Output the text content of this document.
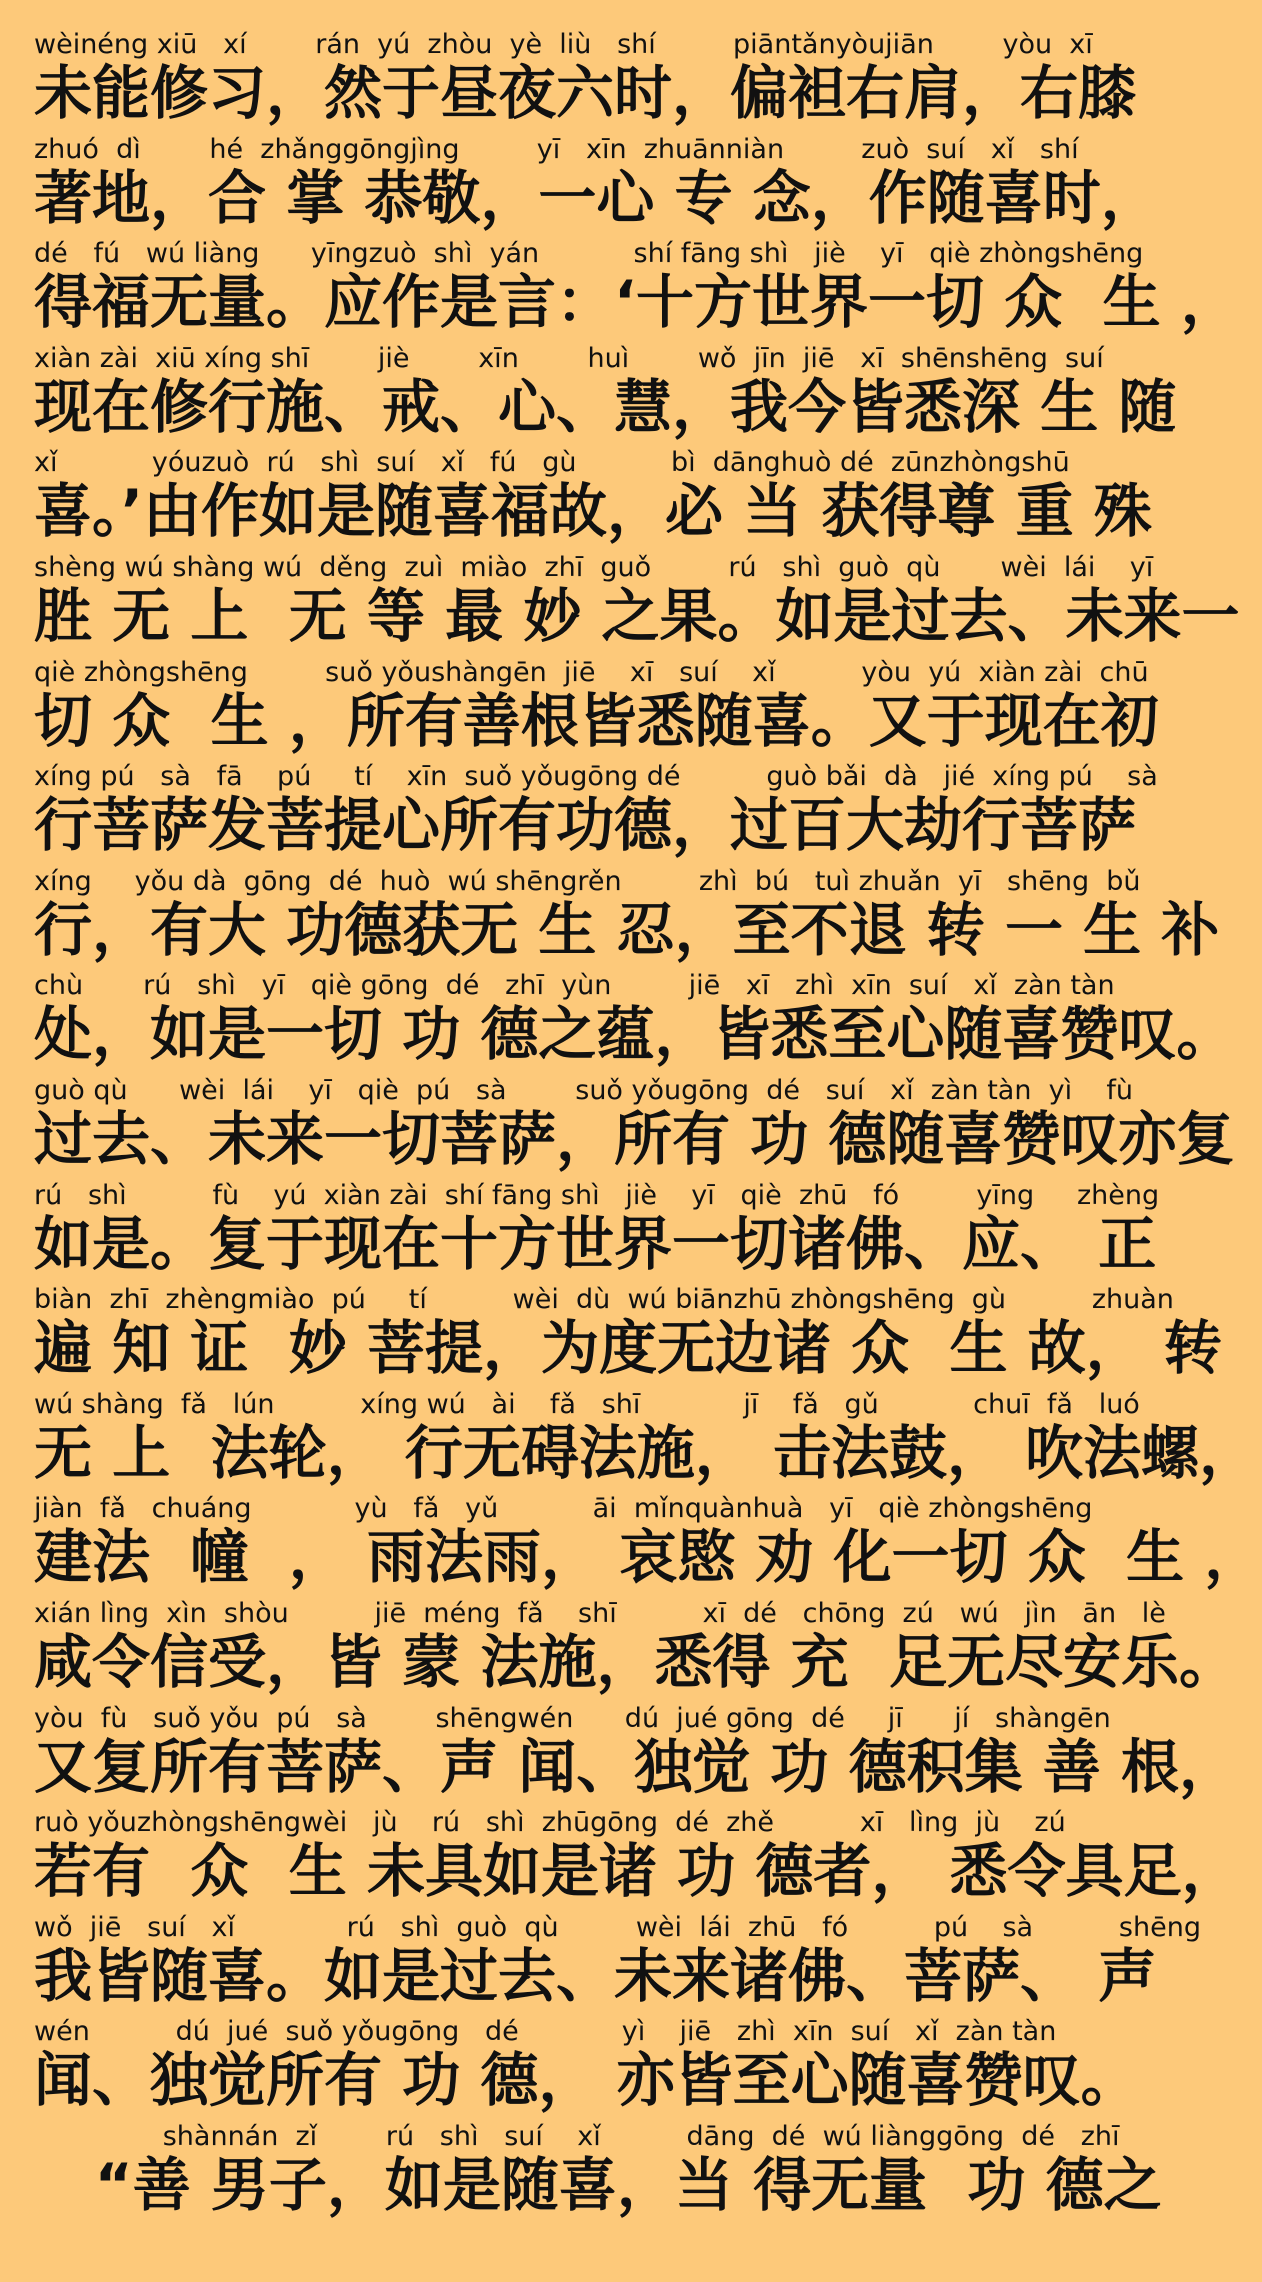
wèinéng xiū   xí        rán  yú  zhòu  yè  liù   shí         piāntǎnyòujiān        yòu  xī
未能修习，然于昼夜六时，偏袒右肩，右膝
zhuó  dì        hé  zhǎnggōngjìng         yī   xīn  zhuānniàn         zuò  suí   xǐ   shí
著地，合 掌 恭敬，一心 专 念，作随喜时，
dé   fú   wú liàng      yīngzuò  shì  yán           shí fāng shì   jiè    yī   qiè zhòngshēng
得福无量。应作是言：‘十方世界一切 众  生 ，
xiàn zài  xiū xíng shī        jiè        xīn        huì        wǒ  jīn  jiē   xī  shēnshēng  suí
现在修行施、戒、心、慧，我今皆悉深 生 随
xǐ           yóuzuò  rú   shì  suí   xǐ   fú   gù           bì  dānghuò dé  zūnzhòngshū
喜。’由作如是随喜福故，必 当 获得尊 重 殊
shèng wú shàng wú  děng  zuì  miào  zhī  guǒ         rú   shì  guò  qù       wèi  lái    yī
胜 无 上  无 等 最 妙 之果。如是过去、未来一
qiè zhòngshēng         suǒ yǒushàngēn  jiē    xī   suí    xǐ          yòu  yú  xiàn zài  chū
切 众  生 ，所有善根皆悉随喜。又于现在初
xíng pú   sà   fā    pú     tí    xīn  suǒ yǒugōng dé          guò bǎi  dà   jié  xíng pú    sà
行菩萨发菩提心所有功德，过百大劫行菩萨
xíng     yǒu dà  gōng  dé  huò  wú shēngrěn         zhì  bú   tuì zhuǎn  yī   shēng  bǔ
行，有大 功德获无 生 忍，至不退 转 一 生 补
chù       rú   shì   yī   qiè gōng  dé   zhī  yùn         jiē   xī   zhì  xīn  suí   xǐ  zàn tàn
处，如是一切 功 德之蕴，皆悉至心随喜赞叹。
guò qù      wèi  lái    yī   qiè  pú   sà        suǒ yǒugōng  dé   suí   xǐ  zàn tàn  yì    fù
过去、未来一切菩萨，所有 功 德随喜赞叹亦复
rú   shì          fù    yú  xiàn zài  shí fāng shì   jiè    yī   qiè  zhū   fó         yīng     zhèng
如是。复于现在十方世界一切诸佛、应、 正
biàn  zhī  zhèngmiào  pú     tí          wèi  dù  wú biānzhū zhòngshēng  gù          zhuàn
遍 知 证  妙 菩提，为度无边诸 众  生 故， 转
wú shàng  fǎ   lún          xíng wú   ài    fǎ   shī            jī    fǎ   gǔ           chuī  fǎ   luó
无 上  法轮， 行无碍法施， 击法鼓， 吹法螺，
jiàn  fǎ   chuáng            yù   fǎ   yǔ           āi  mǐnquànhuà   yī   qiè zhòngshēng
建法  幢  ， 雨法雨， 哀愍 劝 化一切 众  生 ，
xián lìng  xìn  shòu          jiē  méng  fǎ    shī          xī  dé   chōng  zú   wú   jìn   ān   lè
咸令信受，皆 蒙 法施，悉得 充  足无尽安乐。
yòu  fù   suǒ yǒu  pú   sà        shēngwén      dú  jué gōng  dé     jī      jí   shàngēn
又复所有菩萨、声 闻、独觉 功 德积集 善 根，
ruò yǒuzhòngshēngwèi   jù    rú   shì  zhūgōng  dé  zhě          xī   lìng  jù    zú
若有  众  生 未具如是诸 功 德者， 悉令具足，
wǒ  jiē   suí   xǐ             rú   shì  guò  qù         wèi  lái  zhū   fó          pú    sà          shēng
我皆随喜。如是过去、未来诸佛、菩萨、 声
wén          dú  jué  suǒ yǒugōng   dé            yì    jiē   zhì  xīn  suí   xǐ  zàn tàn
闻、独觉所有 功 德， 亦皆至心随喜赞叹。
shànnán  zǐ        rú   shì   suí    xǐ          dāng  dé  wú liànggōng  dé   zhī
“善 男子，如是随喜，当 得无量  功 德之
